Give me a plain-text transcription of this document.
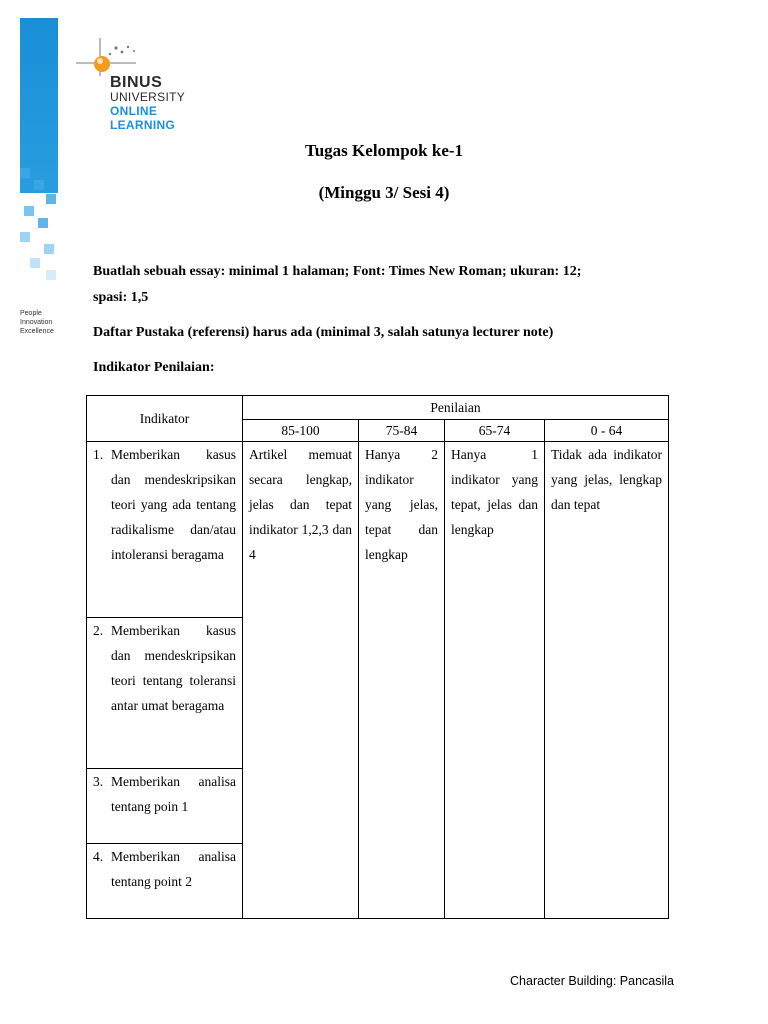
People
Innovation
Excellence
BINUS
UNIVERSITY
ONLINE
LEARNING
Tugas Kelompok ke-1
(Minggu 3/ Sesi 4)
Buatlah sebuah essay: minimal 1 halaman; Font: Times New Roman; ukuran: 12;
spasi: 1,5
Daftar Pustaka (referensi) harus ada (minimal 3, salah satunya lecturer note)
Indikator Penilaian:
Indikator	Penilaian			
	85-100	75-84	65-74	0 - 64

1. Memberikan kasus dan mendeskripsikan teori yang ada tentang radikalisme dan/atau intoleransi beragama	Artikel memuat secara lengkap, jelas dan tepat indikator 1,2,3 dan 4	Hanya 2 indikator yang jelas, tepat dan lengkap	Hanya 1 indikator yang tepat, jelas dan lengkap	Tidak ada indikator yang jelas, lengkap dan tepat

2. Memberikan kasus dan mendeskripsikan teori tentang toleransi antar umat beragama				

3. Memberikan analisa tentang poin 1				

4. Memberikan analisa tentang point 2				
Character Building: Pancasila
